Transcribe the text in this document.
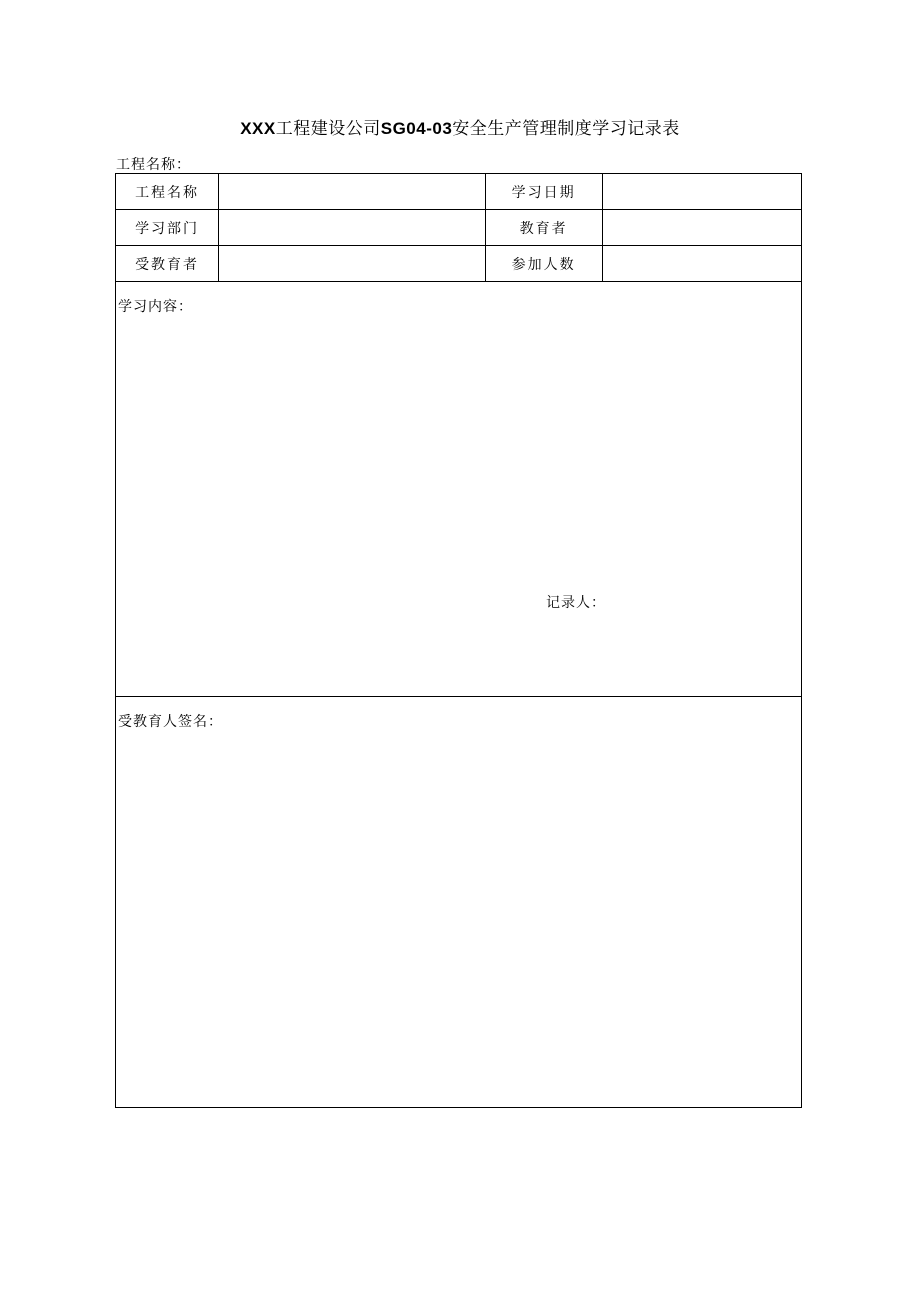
XXX工程建设公司SG04-03安全生产管理制度学习记录表
工程名称：
工程名称		学习日期	
学习部门		教育者	
受教育者		参加人数	

学习内容：
记录人：			

受教育人签名：			
